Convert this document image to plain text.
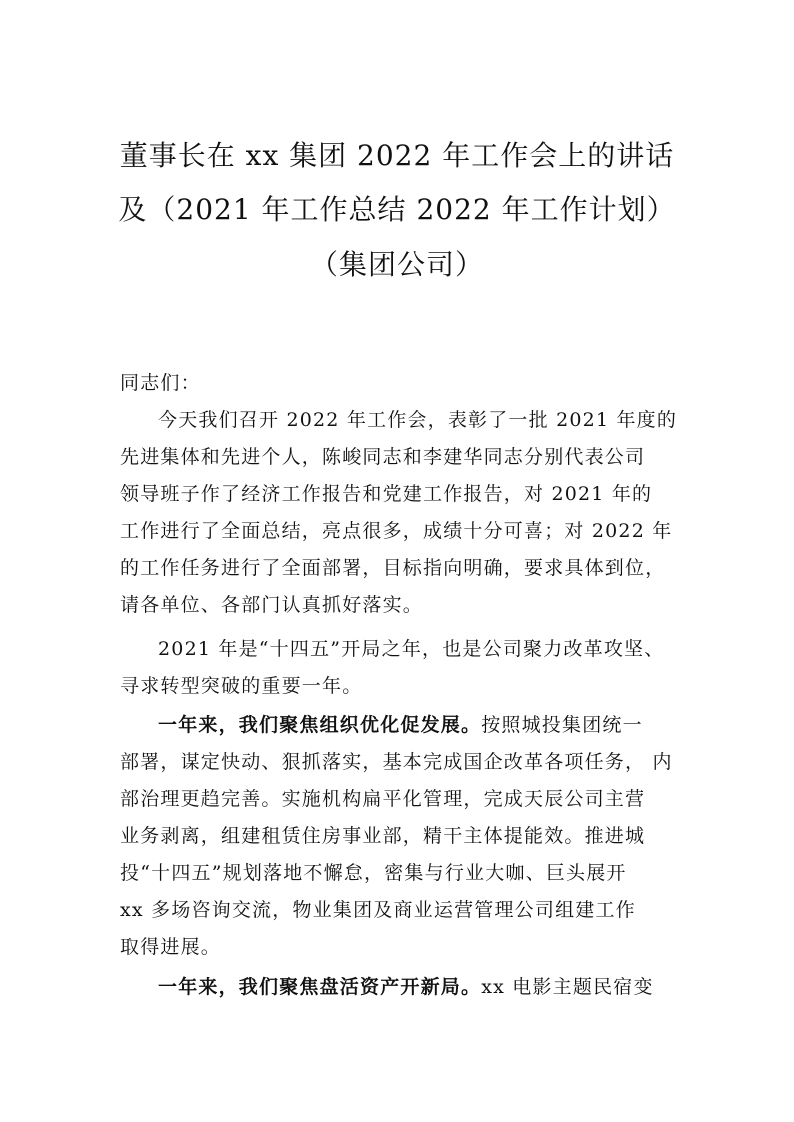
董事长在 xx 集团 2022 年工作会上的讲话
及（2021 年工作总结 2022 年工作计划）
（集团公司）
同志们：
今天我们召开 2022 年工作会，表彰了一批 2021 年度的
先进集体和先进个人，陈峻同志和李建华同志分别代表公司
领导班子作了经济工作报告和党建工作报告，对 2021 年的
工作进行了全面总结，亮点很多，成绩十分可喜；对 2022 年
的工作任务进行了全面部署，目标指向明确，要求具体到位，
请各单位、各部门认真抓好落实。
2021 年是“十四五”开局之年，也是公司聚力改革攻坚、
寻求转型突破的重要一年。
一年来，我们聚焦组织优化促发展。按照城投集团统一
部署，谋定快动、狠抓落实，基本完成国企改革各项任务， 内
部治理更趋完善。实施机构扁平化管理，完成天辰公司主营
业务剥离，组建租赁住房事业部，精干主体提能效。推进城
投“十四五”规划落地不懈怠，密集与行业大咖、巨头展开
xx 多场咨询交流，物业集团及商业运营管理公司组建工作
取得进展。
一年来，我们聚焦盘活资产开新局。xx 电影主题民宿变
